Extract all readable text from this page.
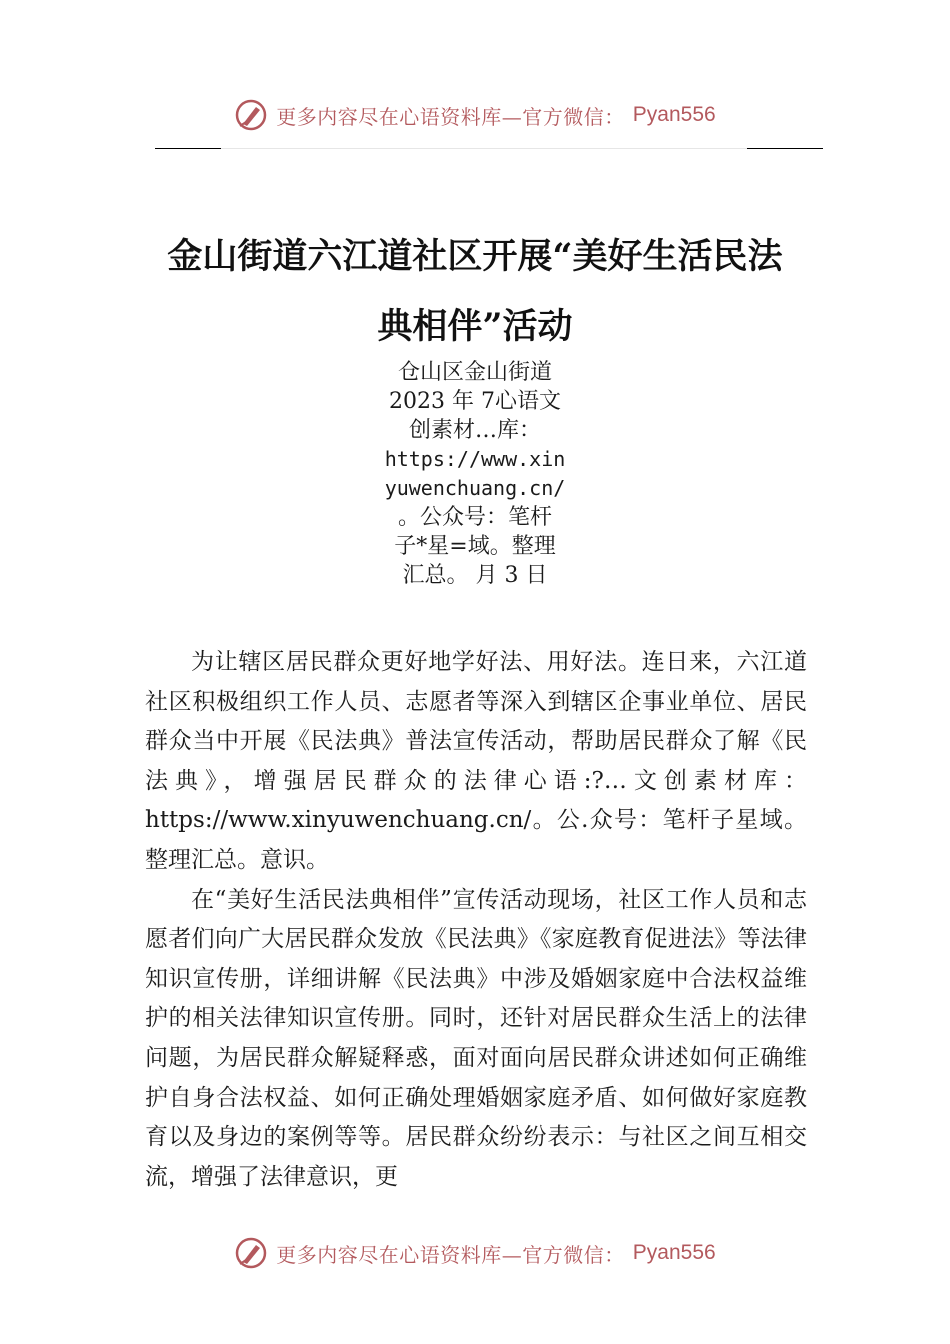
更多内容尽在心语资料库—官方微信： Pyan556
金山街道六江道社区开展“美好生活民法
典相伴”活动
仓山区金山街道
2023 年 7心语文
创素材…库：
https://www.xin
yuwenchuang.cn/
。公众号：笔杆
子*星=域。整理
汇总。 月 3 日

为让辖区居民群众更好地学好法、用好法。连日来，六江道社区积极组织工作人员、志愿者等深入到辖区企事业单位、居民群众当中开展《民法典》普法宣传活动，帮助居民群众了解《民法典》，增强居民群众的法律心语:?…文创素材库：https://www.xinyuwenchuang.cn/。公.众号：笔杆子星域。整理汇总。意识。

在“美好生活民法典相伴”宣传活动现场，社区工作人员和志愿者们向广大居民群众发放《民法典》《家庭教育促进法》等法律知识宣传册，详细讲解《民法典》中涉及婚姻家庭中合法权益维护的相关法律知识宣传册。同时，还针对居民群众生活上的法律问题，为居民群众解疑释惑，面对面向居民群众讲述如何正确维护自身合法权益、如何正确处理婚姻家庭矛盾、如何做好家庭教育以及身边的案例等等。居民群众纷纷表示：与社区之间互相交流，增强了法律意识，更

更多内容尽在心语资料库—官方微信： Pyan556
